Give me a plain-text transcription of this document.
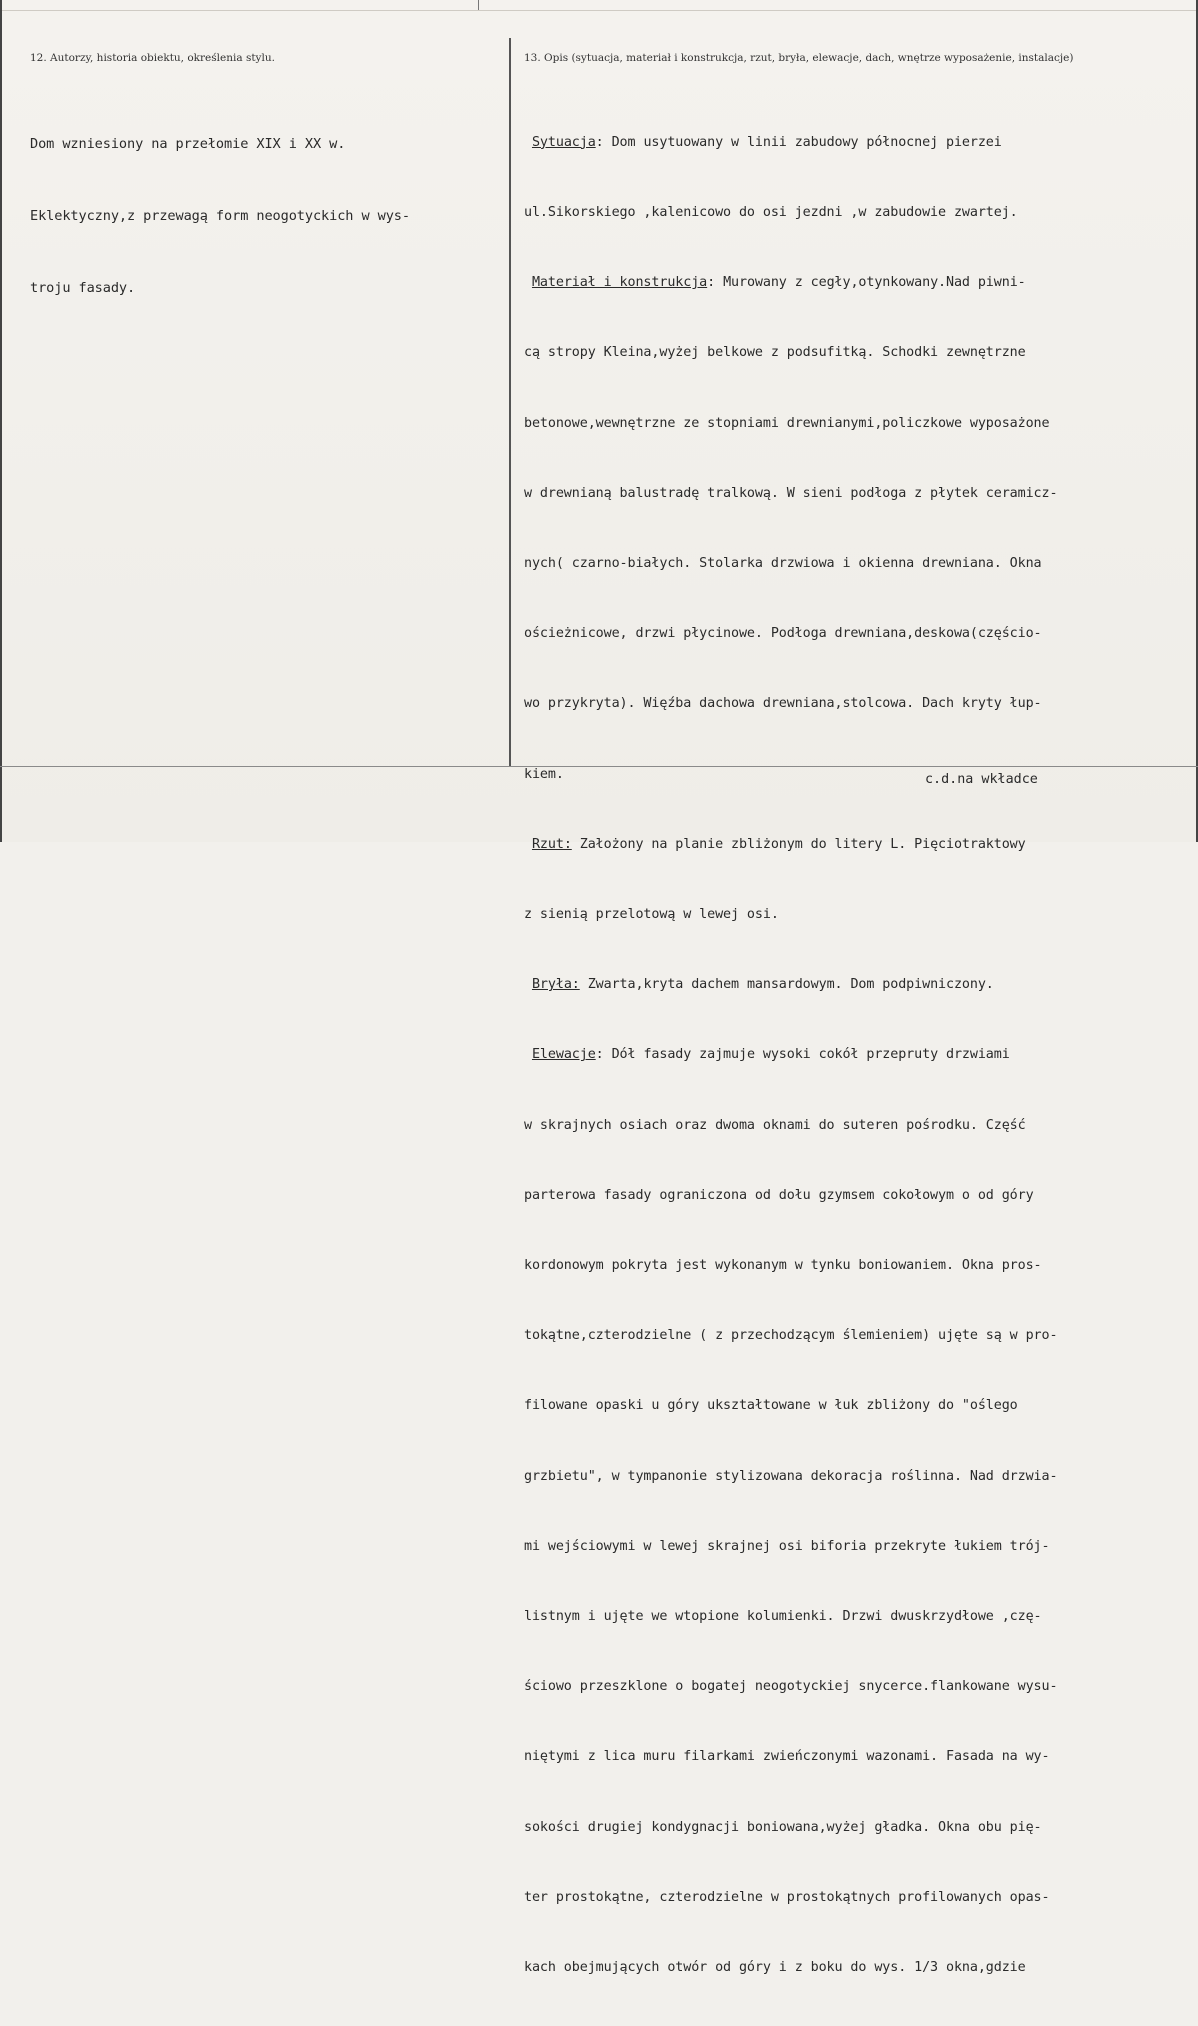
12. Autorzy, historia obiektu, określenia stylu.	13. Opis (sytuacja, materiał i konstrukcja, rzut, bryła, elewacje, dach, wnętrze wyposażenie, instalacje)

Dom wzniesiony na przełomie XIX i XX w.

Eklektyczny,z przewagą form neogotyckich w wys-

troju fasady.

Sytuacja: Dom usytuowany w linii zabudowy północnej pierzei

ul.Sikorskiego ,kalenicowo do osi jezdni ,w zabudowie zwartej.

Materiał i konstrukcja: Murowany z cegły,otynkowany.Nad piwni-

cą stropy Kleina,wyżej belkowe z podsufitką. Schodki zewnętrzne

betonowe,wewnętrzne ze stopniami drewnianymi,policzkowe wyposażone

w drewnianą balustradę tralkową. W sieni podłoga z płytek ceramicz-

nych( czarno-białych. Stolarka drzwiowa i okienna drewniana. Okna

ościeżnicowe, drzwi płycinowe. Podłoga drewniana,deskowa(częścio-

wo przykryta). Więźba dachowa drewniana,stolcowa. Dach kryty łup-

kiem.

Rzut: Założony na planie zbliżonym do litery L. Pięciotraktowy

z sienią przelotową w lewej osi.

Bryła: Zwarta,kryta dachem mansardowym. Dom podpiwniczony.

Elewacje: Dół fasady zajmuje wysoki cokół przepruty drzwiami

w skrajnych osiach oraz dwoma oknami do suteren pośrodku. Część

parterowa fasady ograniczona od dołu gzymsem cokołowym o od góry

kordonowym pokryta jest wykonanym w tynku boniowaniem. Okna pros-

tokątne,czterodzielne ( z przechodzącym ślemieniem) ujęte są w pro-

filowane opaski u góry ukształtowane w łuk zbliżony do "oślego

grzbietu", w tympanonie stylizowana dekoracja roślinna. Nad drzwia-

mi wejściowymi w lewej skrajnej osi biforia przekryte łukiem trój-

listnym i ujęte we wtopione kolumienki. Drzwi dwuskrzydłowe ,czę-

ściowo przeszklone o bogatej neogotyckiej snycerce.flankowane wysu-

niętymi z lica muru filarkami zwieńczonymi wazonami. Fasada na wy-

sokości drugiej kondygnacji boniowana,wyżej gładka. Okna obu pię-

ter prostokątne, czterodzielne w prostokątnych profilowanych opas-

kach obejmujących otwór od góry i z boku do wys. 1/3 okna,gdzie

c.d.na wkładce
